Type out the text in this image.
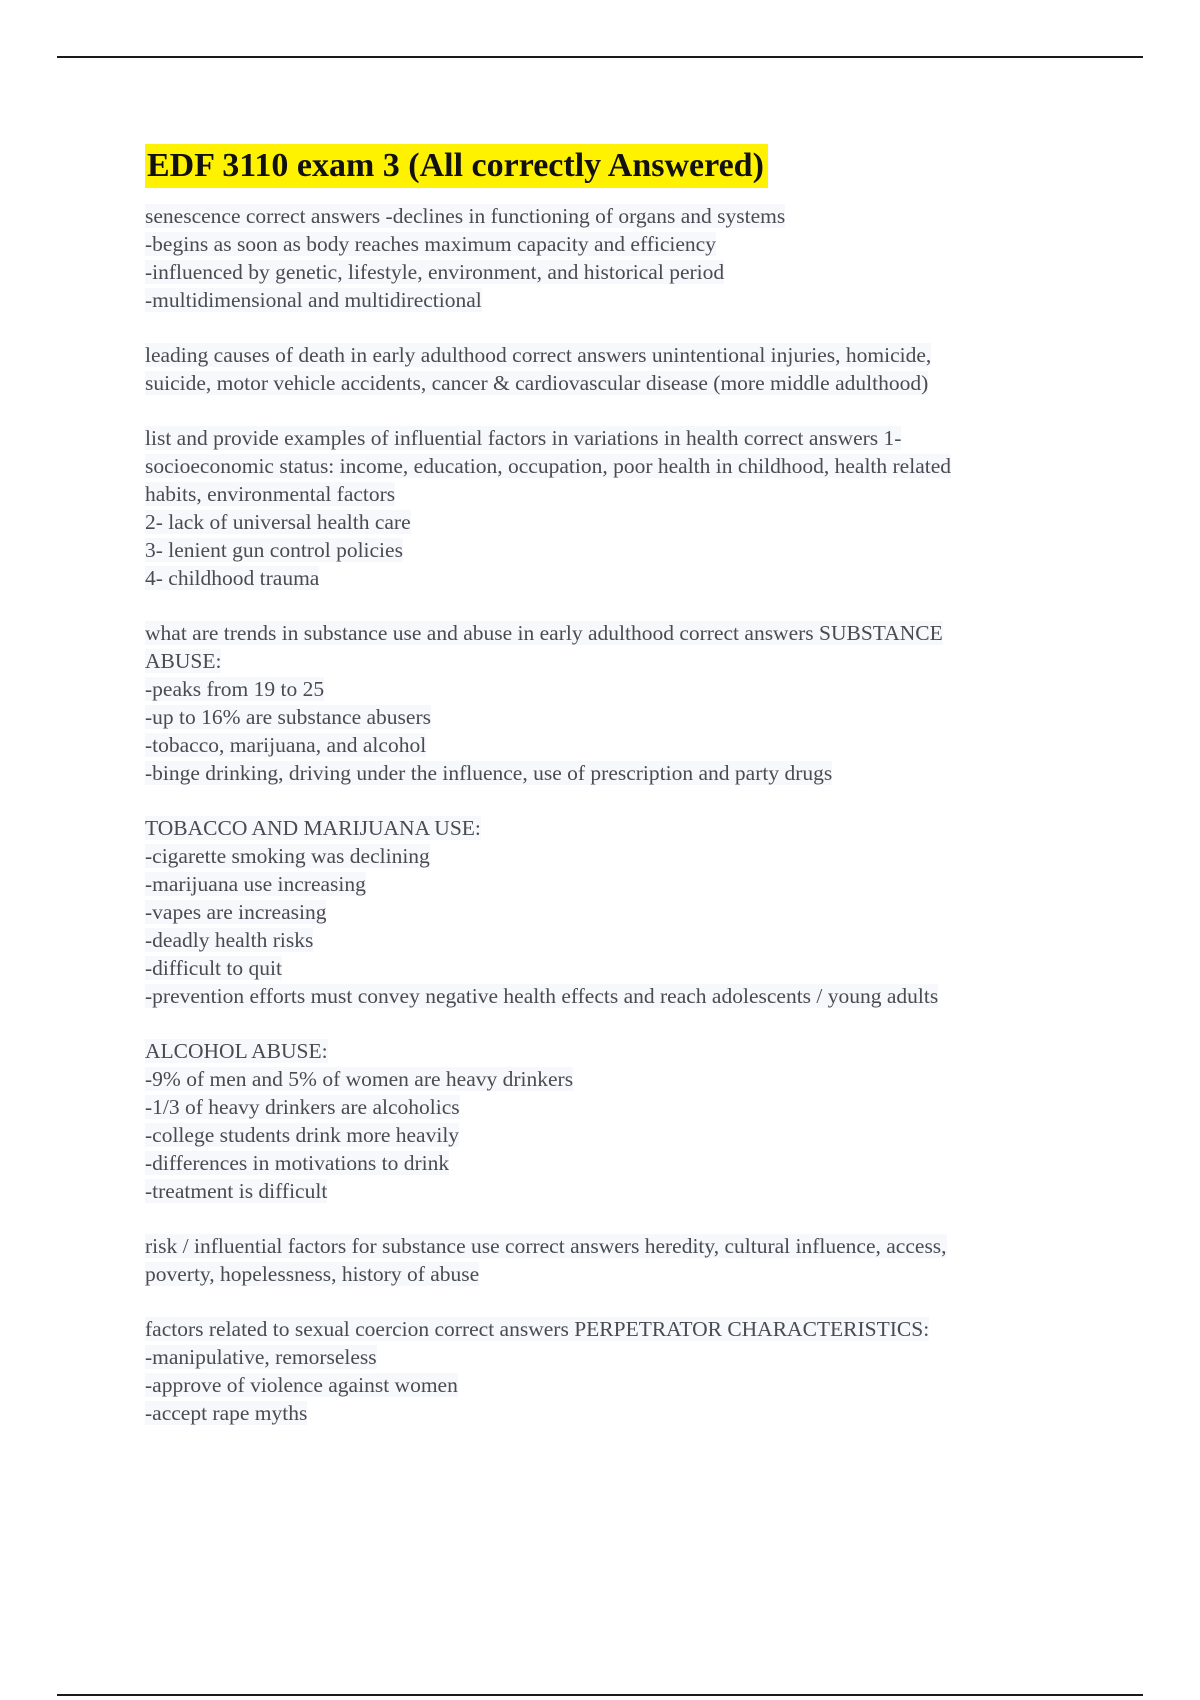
EDF 3110 exam 3 (All correctly Answered)
senescence correct answers -declines in functioning of organs and systems
-begins as soon as body reaches maximum capacity and efficiency
-influenced by genetic, lifestyle, environment, and historical period
-multidimensional and multidirectional
leading causes of death in early adulthood correct answers unintentional injuries, homicide,
suicide, motor vehicle accidents, cancer & cardiovascular disease (more middle adulthood)
list and provide examples of influential factors in variations in health correct answers 1-
socioeconomic status: income, education, occupation, poor health in childhood, health related
habits, environmental factors
2- lack of universal health care
3- lenient gun control policies
4- childhood trauma
what are trends in substance use and abuse in early adulthood correct answers SUBSTANCE
ABUSE:
-peaks from 19 to 25
-up to 16% are substance abusers
-tobacco, marijuana, and alcohol
-binge drinking, driving under the influence, use of prescription and party drugs
TOBACCO AND MARIJUANA USE:
-cigarette smoking was declining
-marijuana use increasing
-vapes are increasing
-deadly health risks
-difficult to quit
-prevention efforts must convey negative health effects and reach adolescents / young adults
ALCOHOL ABUSE:
-9% of men and 5% of women are heavy drinkers
-1/3 of heavy drinkers are alcoholics
-college students drink more heavily
-differences in motivations to drink
-treatment is difficult
risk / influential factors for substance use correct answers heredity, cultural influence, access,
poverty, hopelessness, history of abuse
factors related to sexual coercion correct answers PERPETRATOR CHARACTERISTICS:
-manipulative, remorseless
-approve of violence against women
-accept rape myths
